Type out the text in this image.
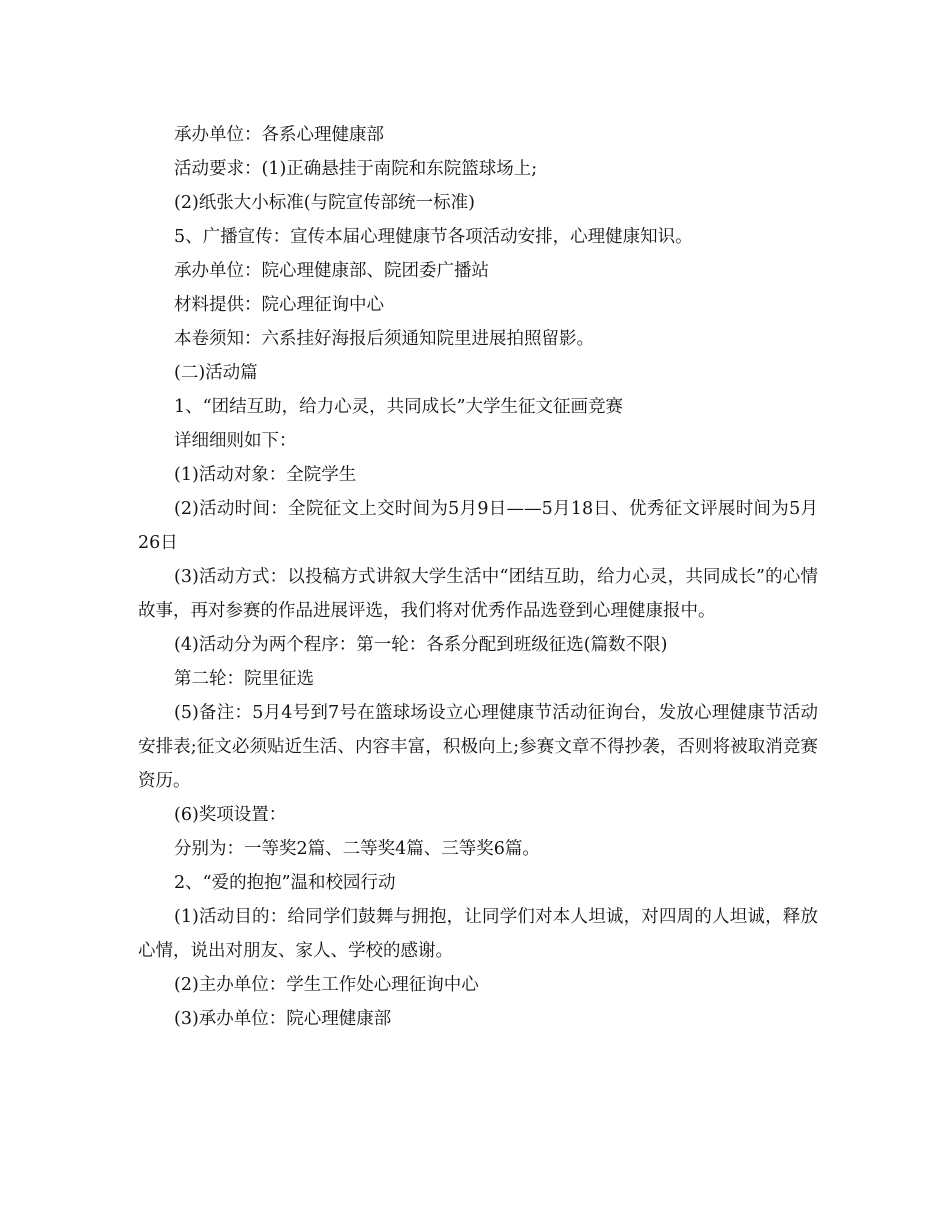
承办单位：各系心理健康部

活动要求：(1)正确悬挂于南院和东院篮球场上;

(2)纸张大小标准(与院宣传部统一标准)

5、广播宣传：宣传本届心理健康节各项活动安排，心理健康知识。

承办单位：院心理健康部、院团委广播站

材料提供：院心理征询中心

本卷须知：六系挂好海报后须通知院里进展拍照留影。

(二)活动篇

1、“团结互助，给力心灵，共同成长”大学生征文征画竞赛

详细细则如下：

(1)活动对象：全院学生

(2)活动时间：全院征文上交时间为5月9日——5月18日、优秀征文评展时间为5月26日

(3)活动方式：以投稿方式讲叙大学生活中“团结互助，给力心灵，共同成长”的心情故事，再对参赛的作品进展评选，我们将对优秀作品选登到心理健康报中。

(4)活动分为两个程序：第一轮：各系分配到班级征选(篇数不限)

第二轮：院里征选

(5)备注：5月4号到7号在篮球场设立心理健康节活动征询台，发放心理健康节活动安排表;征文必须贴近生活、内容丰富，积极向上;参赛文章不得抄袭，否则将被取消竞赛资历。

(6)奖项设置：

分别为：一等奖2篇、二等奖4篇、三等奖6篇。

2、“爱的抱抱”温和校园行动

(1)活动目的：给同学们鼓舞与拥抱，让同学们对本人坦诚，对四周的人坦诚，释放心情，说出对朋友、家人、学校的感谢。

(2)主办单位：学生工作处心理征询中心

(3)承办单位：院心理健康部
